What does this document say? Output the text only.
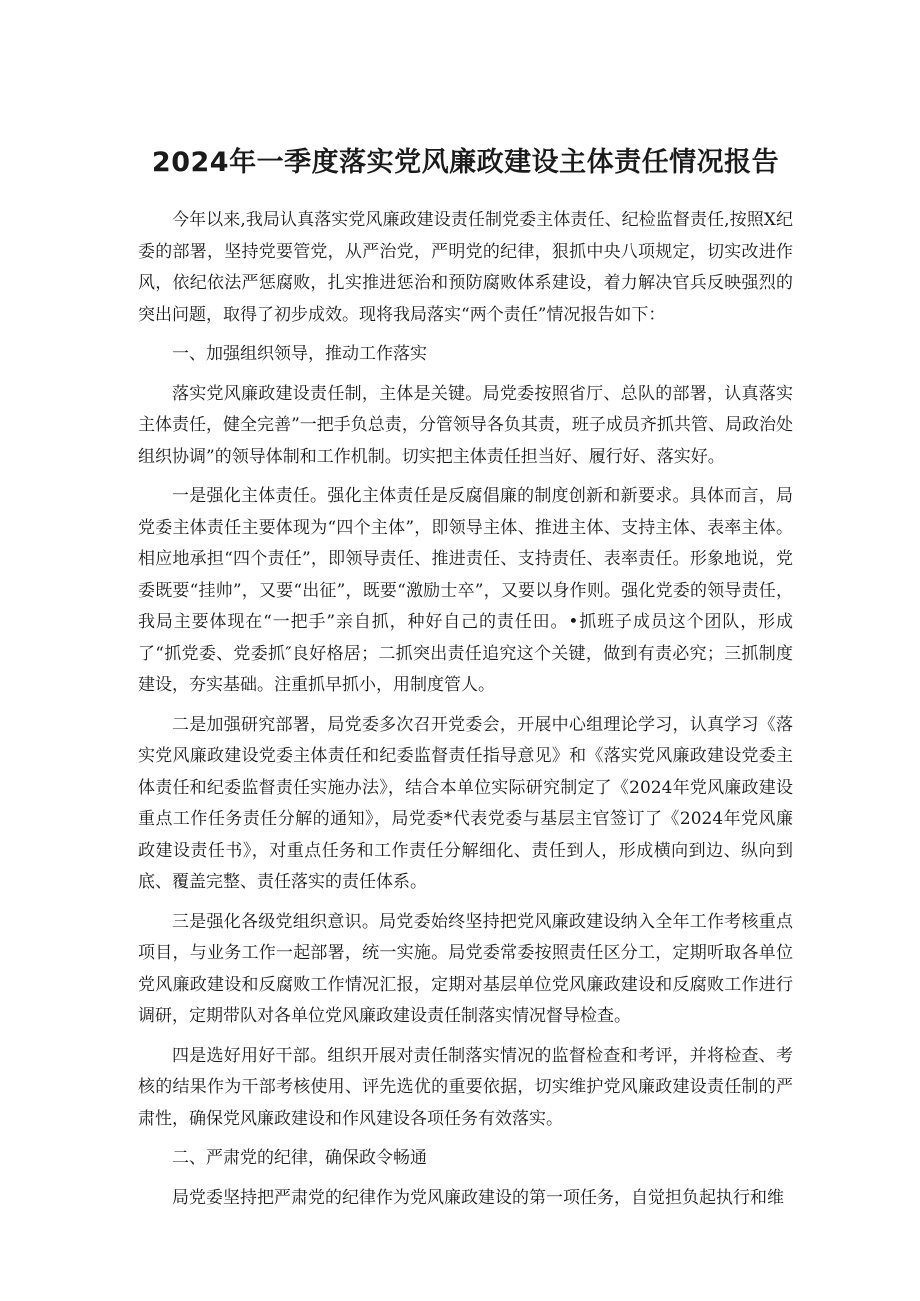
2024年一季度落实党风廉政建设主体责任情况报告

今年以来,我局认真落实党风廉政建设责任制党委主体责任、纪检监督责任,按照X纪委的部署，坚持党要管党，从严治党，严明党的纪律，狠抓中央八项规定，切实改进作风，依纪依法严惩腐败，扎实推进惩治和预防腐败体系建设，着力解决官兵反映强烈的突出问题，取得了初步成效。现将我局落实“两个责任”情况报告如下：

一、加强组织领导，推动工作落实

落实党风廉政建设责任制，主体是关键。局党委按照省厅、总队的部署，认真落实主体责任，健全完善”一把手负总责，分管领导各负其责，班子成员齐抓共管、局政治处组织协调”的领导体制和工作机制。切实把主体责任担当好、履行好、落实好。

一是强化主体责任。强化主体责任是反腐倡廉的制度创新和新要求。具体而言，局党委主体责任主要体现为“四个主体”，即领导主体、推进主体、支持主体、表率主体。相应地承担“四个责任”，即领导责任、推进责任、支持责任、表率责任。形象地说，党委既要“挂帅”，又要“出征”，既要“激励士卒”，又要以身作则。强化党委的领导责任，我局主要体现在“一把手”亲自抓，种好自己的责任田。•抓班子成员这个团队，形成了“抓党委、党委抓″良好格居；二抓突出责任追究这个关键，做到有责必究；三抓制度建设，夯实基础。注重抓早抓小，用制度管人。

二是加强研究部署，局党委多次召开党委会，开展中心组理论学习，认真学习《落实党风廉政建设党委主体责任和纪委监督责任指导意见》和《落实党风廉政建设党委主体责任和纪委监督责任实施办法》，结合本单位实际研究制定了《2024年党风廉政建设重点工作任务责任分解的通知》，局党委*代表党委与基层主官签订了《2024年党风廉政建设责任书》，对重点任务和工作责任分解细化、责任到人，形成横向到边、纵向到底、覆盖完整、责任落实的责任体系。

三是强化各级党组织意识。局党委始终坚持把党风廉政建设纳入全年工作考核重点项目，与业务工作一起部署，统一实施。局党委常委按照责任区分工，定期听取各单位党风廉政建设和反腐败工作情况汇报，定期对基层单位党风廉政建设和反腐败工作进行调研，定期带队对各单位党风廉政建设责任制落实情况督导检查。

四是选好用好干部。组织开展对责任制落实情况的监督检查和考评，并将检查、考核的结果作为干部考核使用、评先选优的重要依据，切实维护党风廉政建设责任制的严肃性，确保党风廉政建设和作风建设各项任务有效落实。

二、严肃党的纪律，确保政令畅通

局党委坚持把严肃党的纪律作为党风廉政建设的第一项任务，自觉担负起执行和维
